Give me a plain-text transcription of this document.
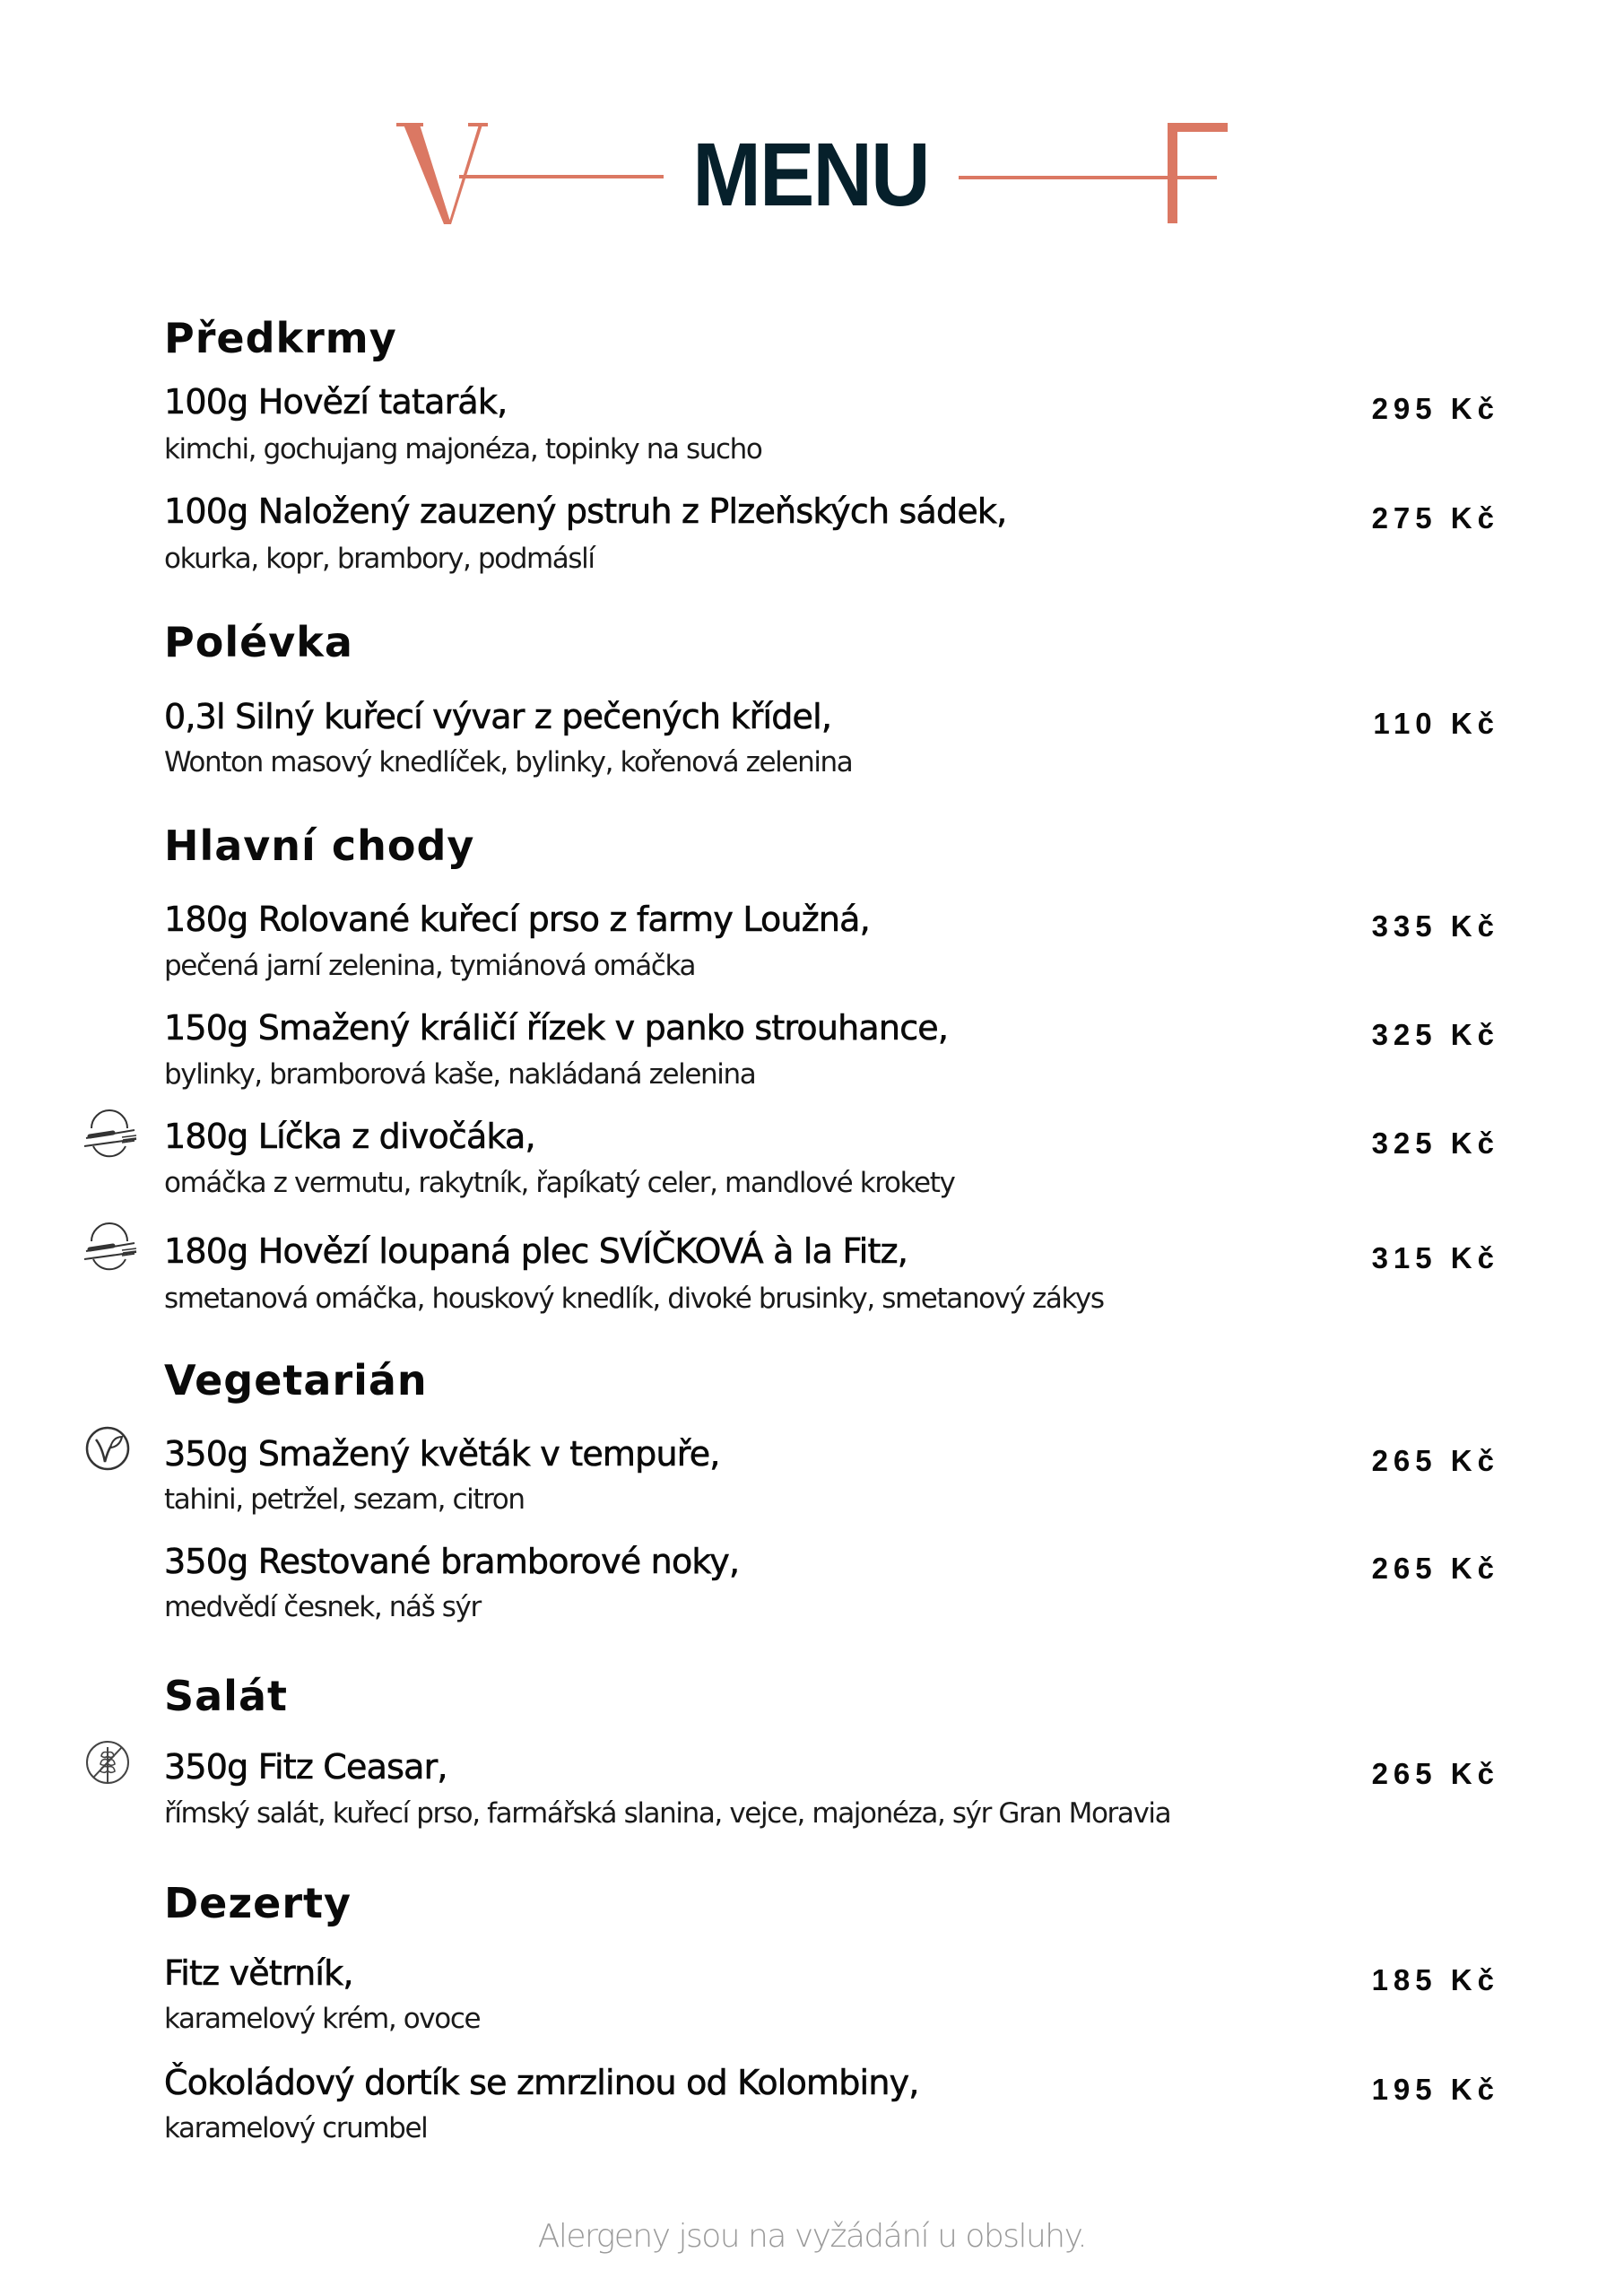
MENU
Předkrmy
100g Hovězí tatarák,
kimchi, gochujang majonéza, topinky na sucho
295 Kč
100g Naložený zauzený pstruh z Plzeňských sádek,
okurka, kopr, brambory, podmáslí
275 Kč
Polévka
0,3l Silný kuřecí vývar z pečených křídel,
Wonton masový knedlíček, bylinky, kořenová zelenina
110 Kč
Hlavní chody
180g Rolované kuřecí prso z farmy Loužná,
pečená jarní zelenina, tymiánová omáčka
335 Kč
150g Smažený králičí řízek v panko strouhance,
bylinky, bramborová kaše, nakládaná zelenina
325 Kč
180g Líčka z divočáka,
omáčka z vermutu, rakytník, řapíkatý celer, mandlové krokety
325 Kč
180g Hovězí loupaná plec SVÍČKOVÁ à la Fitz,
smetanová omáčka, houskový knedlík, divoké brusinky, smetanový zákys
315 Kč
Vegetarián
350g Smažený květák v tempuře,
tahini, petržel, sezam, citron
265 Kč
350g Restované bramborové noky,
medvědí česnek, náš sýr
265 Kč
Salát
350g Fitz Ceasar,
římský salát, kuřecí prso, farmářská slanina, vejce, majonéza, sýr Gran Moravia
265 Kč
Dezerty
Fitz větrník,
karamelový krém, ovoce
185 Kč
Čokoládový dortík se zmrzlinou od Kolombiny,
karamelový crumbel
195 Kč
Alergeny jsou na vyžádání u obsluhy.
